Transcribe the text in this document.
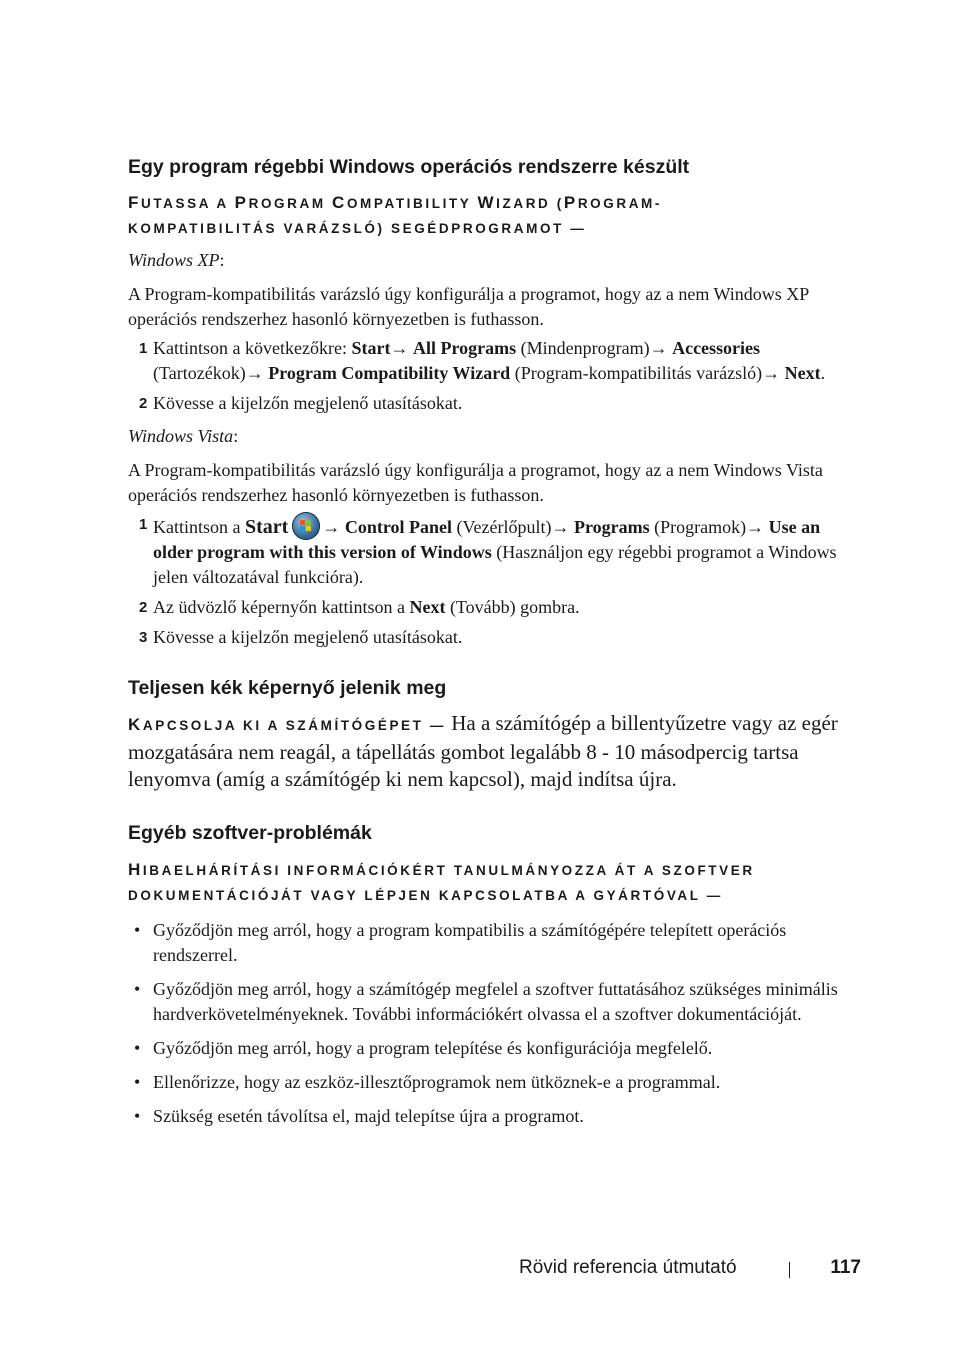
Egy program régebbi Windows operációs rendszerre készült

FUTASSA A PROGRAM COMPATIBILITY WIZARD (PROGRAM-
KOMPATIBILITÁS VARÁZSLÓ) SEGÉDPROGRAMOT —

Windows XP:

A Program-kompatibilitás varázsló úgy konfigurálja a programot, hogy az a nem Windows XP operációs rendszerhez hasonló környezetben is futhasson.

1 Kattintson a következőkre: Start→ All Programs (Mindenprogram)→ Accessories (Tartozékok)→ Program Compatibility Wizard (Program-kompatibilitás varázsló)→ Next.

2 Kövesse a kijelzőn megjelenő utasításokat.

Windows Vista:

A Program-kompatibilitás varázsló úgy konfigurálja a programot, hogy az a nem Windows Vista operációs rendszerhez hasonló környezetben is futhasson.

1 Kattintson a Start → Control Panel (Vezérlőpult)→ Programs (Programok)→ Use an older program with this version of Windows (Használjon egy régebbi programot a Windows jelen változatával funkcióra).

2 Az üdvözlő képernyőn kattintson a Next (Tovább) gombra.

3 Kövesse a kijelzőn megjelenő utasításokat.

Teljesen kék képernyő jelenik meg

KAPCSOLJA KI A SZÁMÍTÓGÉPET — Ha a számítógép a billentyűzetre vagy az egér mozgatására nem reagál, a tápellátás gombot legalább 8 - 10 másodpercig tartsa lenyomva (amíg a számítógép ki nem kapcsol), majd indítsa újra.

Egyéb szoftver-problémák

HIBAELHÁRÍTÁSI INFORMÁCIÓKÉRT TANULMÁNYOZZA ÁT A SZOFTVER
DOKUMENTÁCIÓJÁT VAGY LÉPJEN KAPCSOLATBA A GYÁRTÓVAL —

• Győződjön meg arról, hogy a program kompatibilis a számítógépére telepített operációs rendszerrel.

• Győződjön meg arról, hogy a számítógép megfelel a szoftver futtatásához szükséges minimális hardverkövetelményeknek. További információkért olvassa el a szoftver dokumentációját.

• Győződjön meg arról, hogy a program telepítése és konfigurációja megfelelő.

• Ellenőrizze, hogy az eszköz-illesztőprogramok nem ütköznek-e a programmal.

• Szükség esetén távolítsa el, majd telepítse újra a programot.

Rövid referencia útmutató	117
